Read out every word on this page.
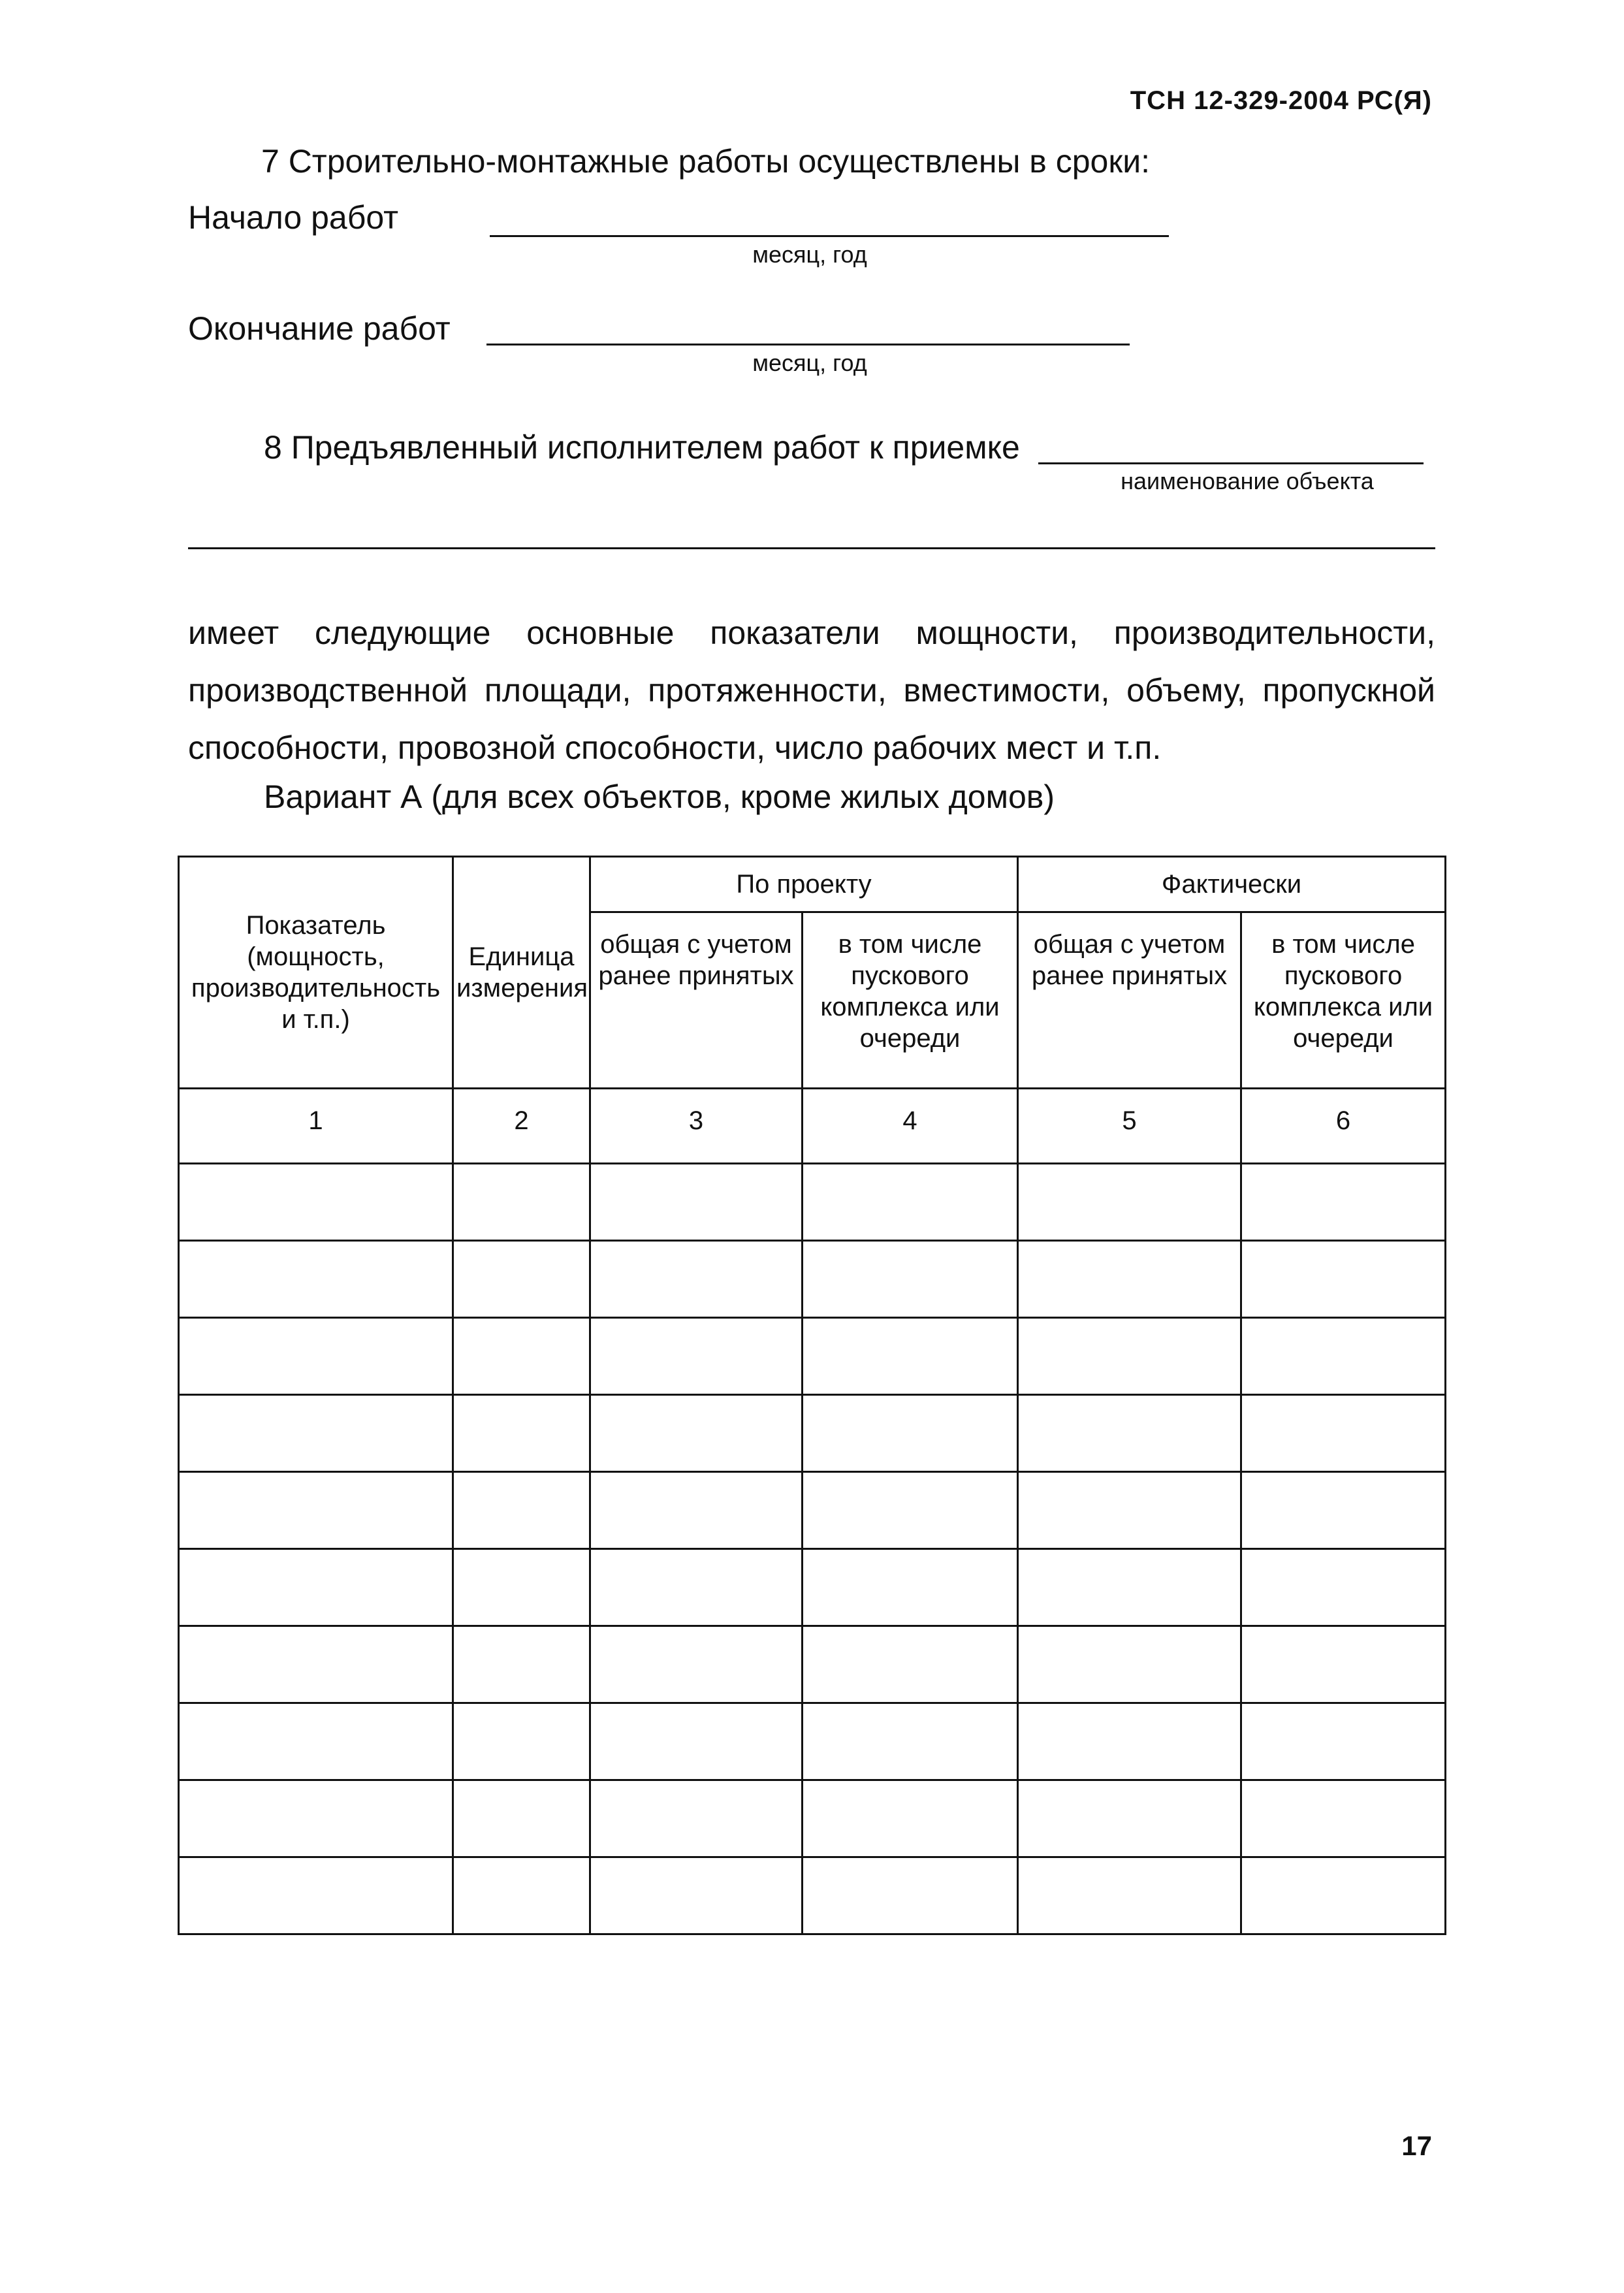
ТСН 12-329-2004 РС(Я)
7 Строительно-монтажные работы осуществлены в сроки:
Начало работ
месяц, год
Окончание работ
месяц, год
8 Предъявленный исполнителем работ к приемке
наименование объекта
имеет следующие основные показатели мощности, производительности, производственной площади, протяженности, вместимости, объему, пропускной способности, провозной способности, число рабочих мест и т.п.
Вариант А (для всех объектов, кроме жилых домов)
Показатель (мощность, производительность и т.п.)	Единица измерения	По проекту		Фактически	
		общая с учетом ранее принятых	в том числе пускового комплекса или очереди	общая с учетом ранее принятых	в том числе пускового комплекса или очереди
1	2	3	4	5	6

17
